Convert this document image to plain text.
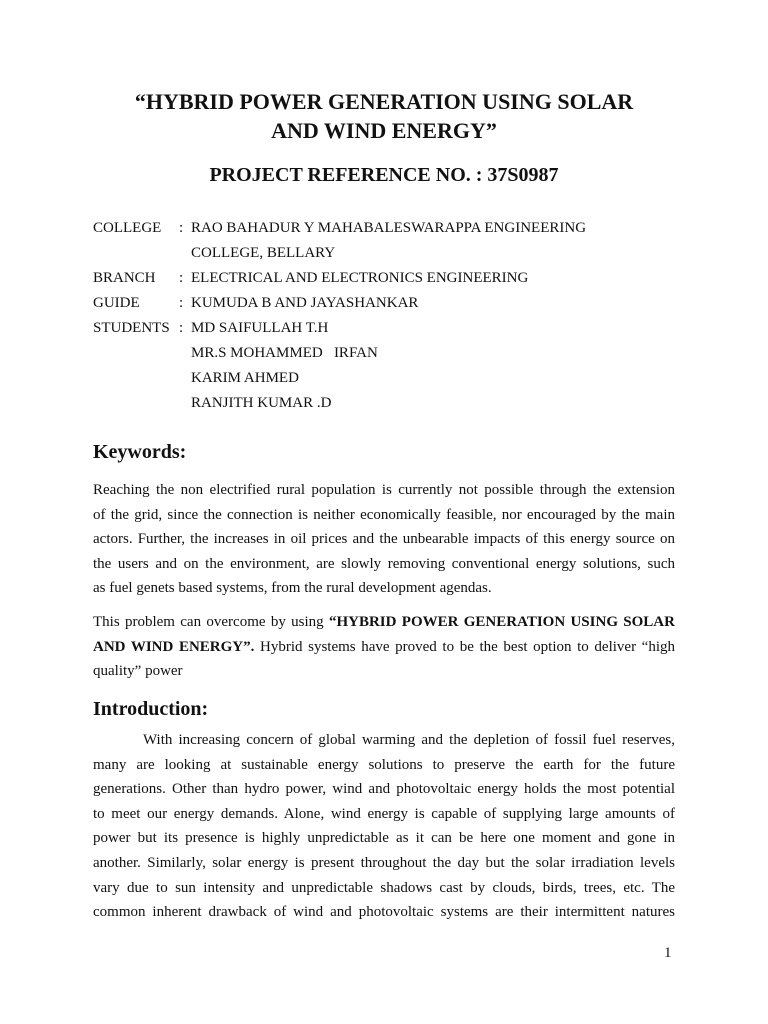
“HYBRID POWER GENERATION USING SOLAR
AND WIND ENERGY”
PROJECT REFERENCE NO. : 37S0987
COLLEGE : RAO BAHADUR Y MAHABALESWARAPPA ENGINEERING
COLLEGE, BELLARY
BRANCH : ELECTRICAL AND ELECTRONICS ENGINEERING
GUIDE	: KUMUDA B AND JAYASHANKAR
STUDENTS : MD SAIFULLAH T.H
MR.S MOHAMMED   IRFAN
KARIM AHMED
RANJITH KUMAR .D
Keywords:

Reaching the non electrified rural population is currently not possible through the extension
of the grid, since the connection is neither economically feasible, nor encouraged by the main
actors. Further, the increases in oil prices and the unbearable impacts of this energy source on
the users and on the environment, are slowly removing conventional energy solutions, such
as fuel genets based systems, from the rural development agendas.

This problem can overcome by using “HYBRID POWER GENERATION USING SOLAR
AND WIND ENERGY”. Hybrid systems have proved to be the best option to deliver “high
quality” power

Introduction:

With increasing concern of global warming and the depletion of fossil fuel reserves,
many are looking at sustainable energy solutions to preserve the earth for the future
generations. Other than hydro power, wind and photovoltaic energy holds the most potential
to meet our energy demands. Alone, wind energy is capable of supplying large amounts of
power but its presence is highly unpredictable as it can be here one moment and gone in
another. Similarly, solar energy is present throughout the day but the solar irradiation levels
vary due to sun intensity and unpredictable shadows cast by clouds, birds, trees, etc. The
common inherent drawback of wind and photovoltaic systems are their intermittent natures

1
